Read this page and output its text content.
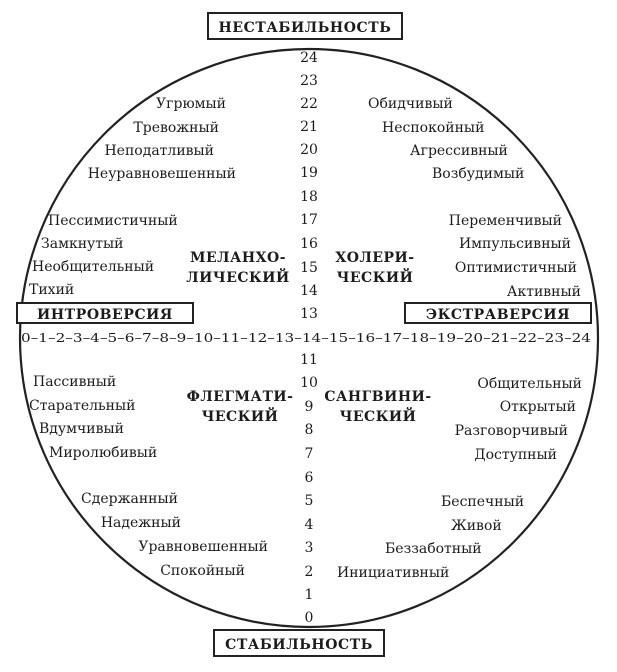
НЕСТАБИЛЬНОСТЬ
СТАБИЛЬНОСТЬ
ИНТРОВЕРСИЯ	ЭКСТРАВЕРСИЯ
0–1–2–3–4–5–6–7–8–9–10–11–12–13–14–15–16–17–18–19–20–21–22–23–24
24
23
22
21
20
19
18
17
16
15
14
13
11
10
9
8
7
6
5
4
3
2
1
0
МЕЛАНХО-
ЛИЧЕСКИЙ
ХОЛЕРИ-
ЧЕСКИЙ
ФЛЕГМАТИ-
ЧЕСКИЙ
САНГВИНИ-
ЧЕСКИЙ
Угрюмый
Тревожный
Неподатливый
Неуравновешенный
Пессимистичный
Замкнутый
Необщительный
Тихий
Обидчивый
Неспокойный
Агрессивный
Возбудимый
Переменчивый
Импульсивный
Оптимистичный
Активный
Пассивный
Старательный
Вдумчивый
Миролюбивый
Сдержанный
Надежный
Уравновешенный
Спокойный
Общительный
Открытый
Разговорчивый
Доступный
Беспечный
Живой
Беззаботный
Инициативный
